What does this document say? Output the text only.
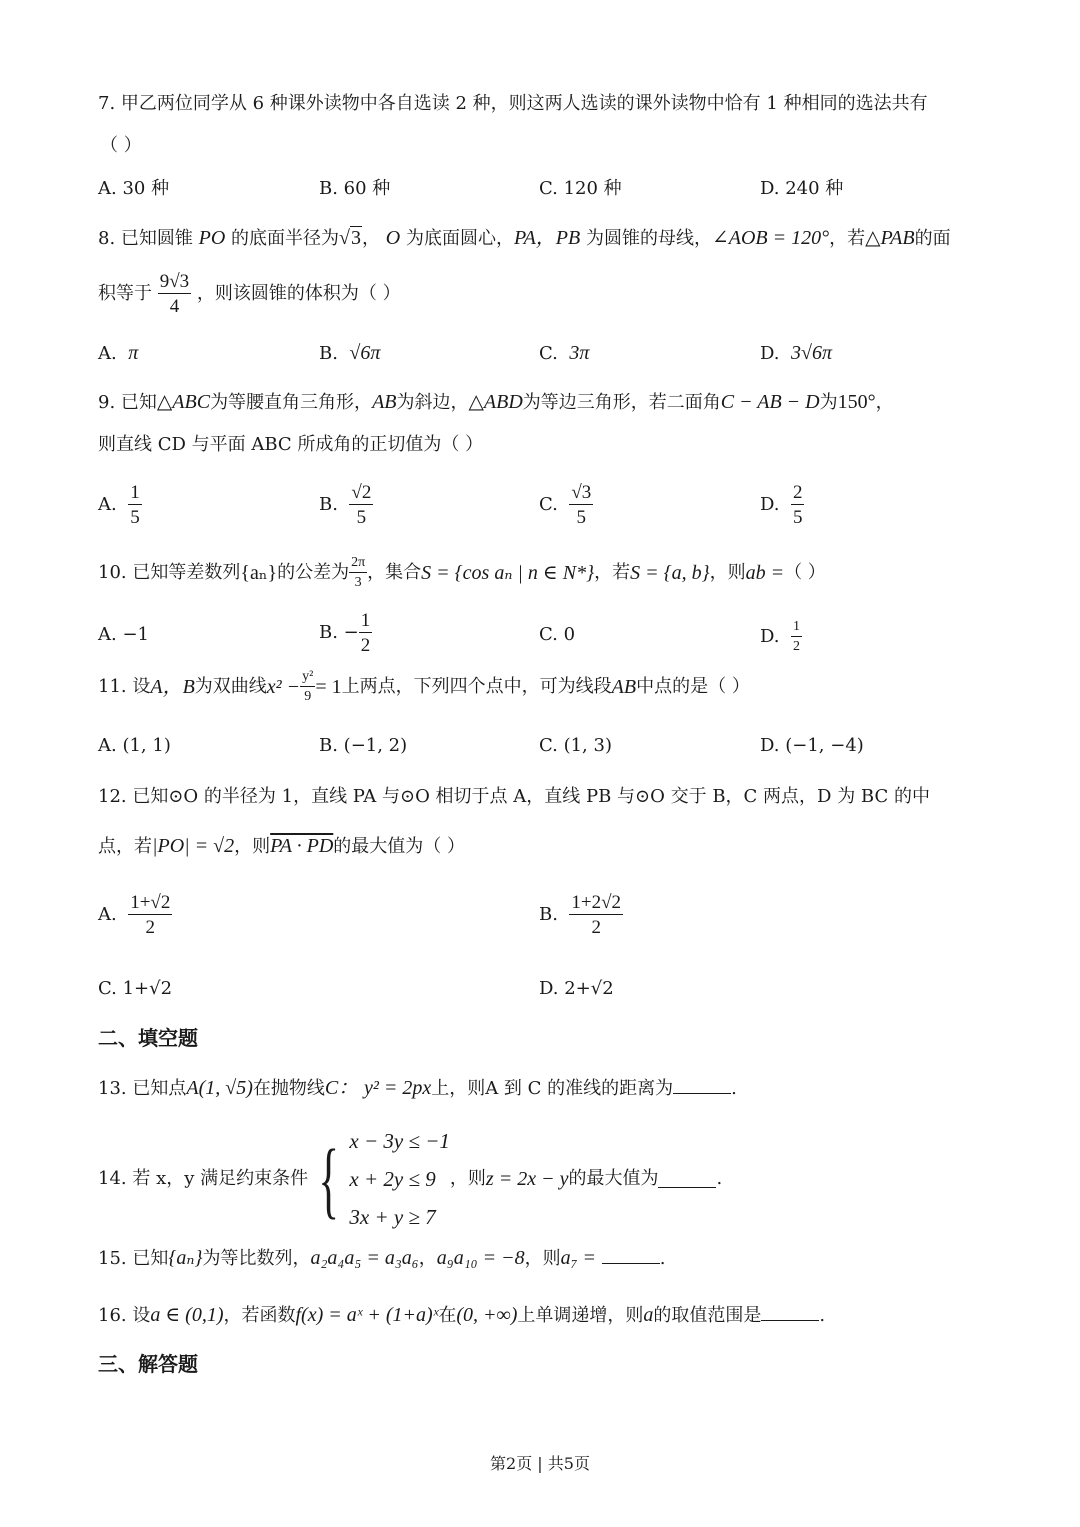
7. 甲乙两位同学从 6 种课外读物中各自选读 2 种，则这两人选读的课外读物中恰有 1 种相同的选法共有
（ ）
A. 30 种	B. 60 种	C. 120 种	D. 240 种
8. 已知圆锥 PO 的底面半径为√3， O 为底面圆心，PA，PB 为圆锥的母线，∠AOB = 120°，若△PAB的面
积等于 $\frac{9√3}{4}$ ，则该圆锥的体积为（ ）
A. π	B. √6π	C. 3π	D. 3√6π
9. 已知△ABC为等腰直角三角形，AB为斜边，△ABD为等边三角形，若二面角C − AB − D为150°，
则直线 CD 与平面 ABC 所成角的正切值为（ ）
A. $\frac{1}{5}$	B. $\frac{√2}{5}$	C. $\frac{√3}{5}$	D. $\frac{2}{5}$
10. 已知等差数列{aₙ}的公差为 $\frac{2\pi}{3}$ ，集合S = {cos aₙ | n ∈ N*}，若S = {a, b}，则ab =（ ）
A. −1	B. − $\frac{1}{2}$	C. 0	D. $\frac{1}{2}$
11. 设A，B为双曲线$x^2 - \frac{\text{y²}}{9} = 1$上两点，下列四个点中，可为线段AB中点的是（ ）
A. (1, 1)	B. (−1, 2)	C. (1, 3)	D. (−1, −4)
12. 已知⊙O 的半径为 1，直线 PA 与⊙O 相切于点 A，直线 PB 与⊙O 交于 B，C 两点，D 为 BC 的中
点，若|PO| = √2，则PA · PD的最大值为（ ）
A. $\frac{1+√2}{2}$	B. $\frac{1+2√2}{2}$
C. 1+√2	D. 2+√2
二、填空题
13. 已知点A(1, √5)在抛物线C： y² = 2px上，则A 到 C 的准线的距离为	.
14. 若 x，y 满足约束条件 { x − 3y ≤ −1
x + 2y ≤ 9
3x + y ≥ 7
，则z = 2x − y的最大值为	.
15. 已知{aₙ}为等比数列，a₂a₄a₅ = a₃a₆，a₉a₁₀ = −8，则a₇ =	.
16. 设a ∈ (0,1)，若函数f(x) = aˣ + (1+a)ˣ在(0, +∞)上单调递增，则a的取值范围是	.
三、解答题
第2页 | 共5页
